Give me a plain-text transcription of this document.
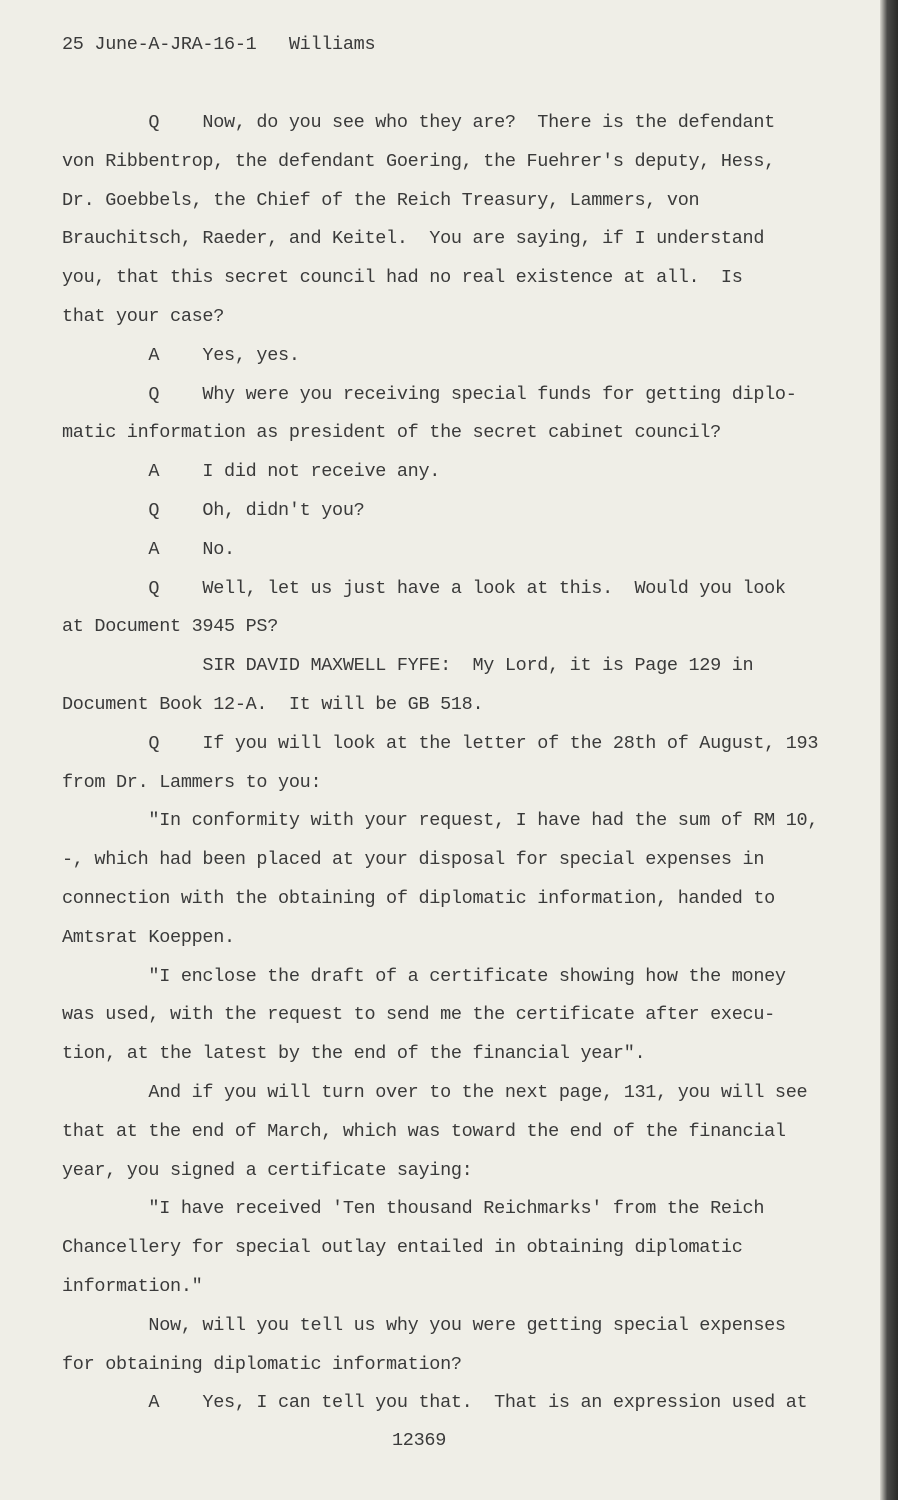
25 June-A-JRA-16-1   Williams
Q    Now, do you see who they are?  There is the defendant
von Ribbentrop, the defendant Goering, the Fuehrer's deputy, Hess,
Dr. Goebbels, the Chief of the Reich Treasury, Lammers, von
Brauchitsch, Raeder, and Keitel.  You are saying, if I understand
you, that this secret council had no real existence at all.  Is
that your case?
A    Yes, yes.
Q    Why were you receiving special funds for getting diplo-
matic information as president of the secret cabinet council?
A    I did not receive any.
Q    Oh, didn't you?
A    No.
Q    Well, let us just have a look at this.  Would you look
at Document 3945 PS?
SIR DAVID MAXWELL FYFE:  My Lord, it is Page 129 in
Document Book 12-A.  It will be GB 518.
Q    If you will look at the letter of the 28th of August, 193
from Dr. Lammers to you:
"In conformity with your request, I have had the sum of RM 10,
-, which had been placed at your disposal for special expenses in
connection with the obtaining of diplomatic information, handed to
Amtsrat Koeppen.
"I enclose the draft of a certificate showing how the money
was used, with the request to send me the certificate after execu-
tion, at the latest by the end of the financial year".
And if you will turn over to the next page, 131, you will see
that at the end of March, which was toward the end of the financial
year, you signed a certificate saying:
"I have received 'Ten thousand Reichmarks' from the Reich
Chancellery for special outlay entailed in obtaining diplomatic
information."
Now, will you tell us why you were getting special expenses
for obtaining diplomatic information?
A    Yes, I can tell you that.  That is an expression used at
12369
